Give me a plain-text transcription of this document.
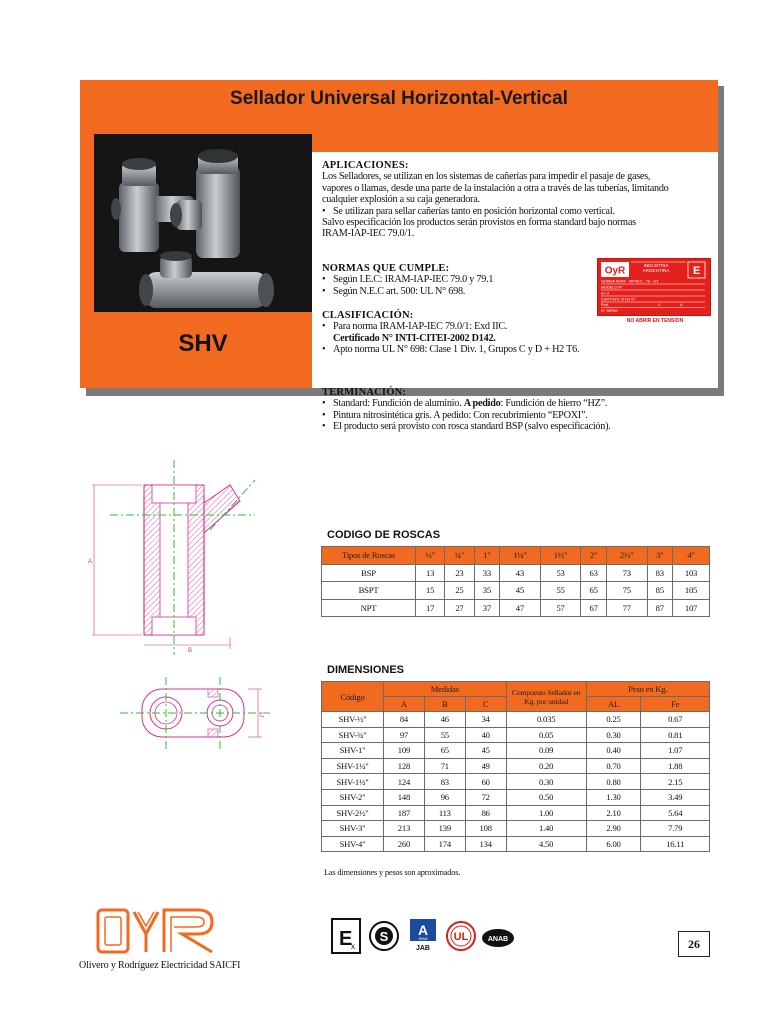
Sellador Universal Horizontal-Vertical
SHV
APLICACIONES:
Los Selladores, se utilizan en los sistemas de cañerías para impedir el pasaje de gases,
vapores o llamas, desde una parte de la instalación a otra a través de las tuberías, limitando
cualquier explosión a su caja generadora.
• Se utilizan para sellar cañerías tanto en posición horizontal como vertical.
Salvo especificación los productos serán provistos en forma standard bajo normas
IRAM-IAP-IEC 79.0/1.
NORMAS QUE CUMPLE:
• Según I.E.C: IRAM-IAP-IEC 79.0 y 79.1
• Según N.E.C art. 500: UL N° 698.
CLASIFICACIÓN:
• Para norma IRAM-IAP-IEC 79.0/1: Exd IIC.
Certificado N° INTI-CITEI-2002 D142.
• Apto norma UL N° 698: Clase 1 Div. 1, Grupos C y D + H2 T6.
TERMINACIÓN:
• Standard: Fundición de aluminio. A pedido: Fundición de hierro “HZ”.
• Pintura nitrosintética gris. A pedido: Con recubrimiento “EPOXI”.
• El producto será provisto con rosca standard BSP (salvo especificación).
OyR	INDUSTRIA
ARGENTINA E
NORMA IRAM - IAP/IEC - 79 - 0/1
MODELO N°
Ex-d
CERT INTI CITEI N°
Prot.	V	A
N° SERIE
NO ABRIR EN TENSION
A
B
C
CODIGO DE ROSCAS
Tipos de Roscas	½"	¾"	1"	1¼"	1½"	2"	2½"	3"	4"
BSP	13	23	33	43	53	63	73	83	103
BSPT	15	25	35	45	55	65	75	85	105
NPT	17	27	37	47	57	67	77	87	107
DIMENSIONES
Código	Medidas			Compuesto Sellador en Kg. por unidad	Peso en Kg.	
	A	B	C		AL	Fe
SHV-½"	84	46	34	0.035	0.25	0.67
SHV-¾"	97	55	40	0.05	0.30	0.81
SHV-1"	109	65	45	0.09	0.40	1.07
SHV-1¼"	128	71	49	0.20	0.70	1.88
SHV-1½"	124	83	60	0.30	0.80	2.15
SHV-2"	148	96	72	0.50	1.30	3.49
SHV-2½"	187	113	86	1.00	2.10	5.64
SHV-3"	213	139	108	1.40	2.90	7.79
SHV-4"	260	174	134	4.50	6.00	16.11
Las dimensiones y pesos son aproximados.
Olivero y Rodríguez Electricidad SAICFI
E
x
S A
IRAM
JAB
UL	ANAB	26
